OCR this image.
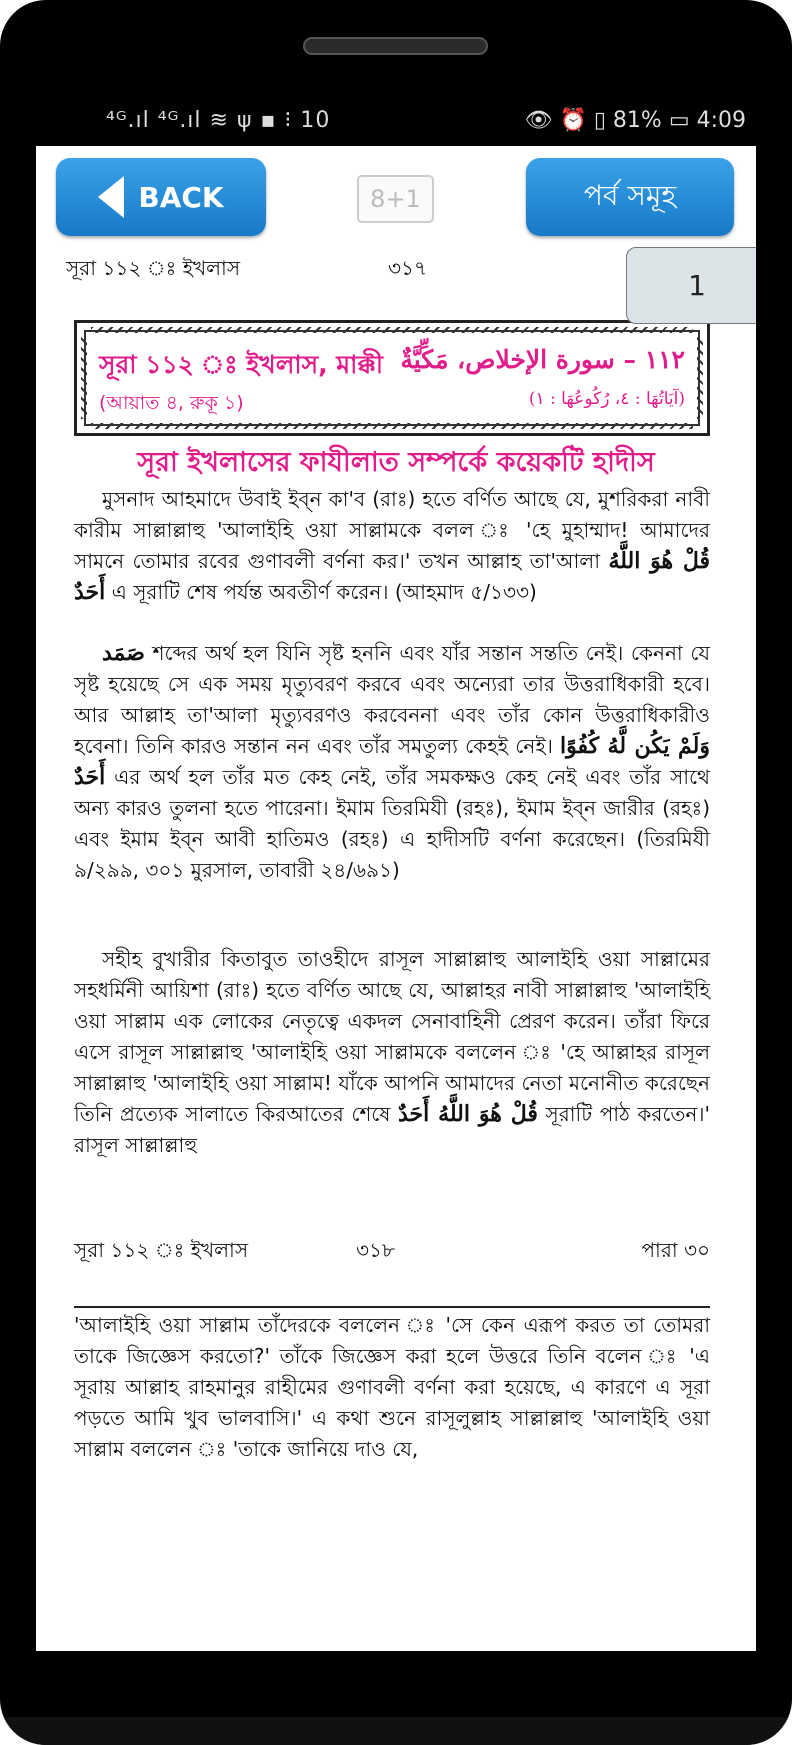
⁴ᴳ.ıl ⁴ᴳ.ıl ≋ ψ ▪ ⁝ 10	👁 ⏰ ▯ 81% ▭ 4:09
BACK	8+1	পর্ব সমূহ
সূরা ১১২ ঃ ইখলাস	৩১৭
সূরা ১১২ ঃ ইখলাস, মাক্কী ١١٢ – سورة الإخلاص، مَكِّيَّةٌ
(আয়াত ৪, রুকূ ১)	(آيَاتُهَا : ٤، رُكُوعُهَا : ١)
সূরা ইখলাসের ফাযীলাত সম্পর্কে কয়েকটি হাদীস
মুসনাদ আহমাদে উবাই ইব্ন কা'ব (রাঃ) হতে বর্ণিত আছে যে, মুশরিকরা নাবী কারীম সাল্লাল্লাহু 'আলাইহি ওয়া সাল্লামকে বলল ঃ 'হে মুহাম্মাদ! আমাদের সামনে তোমার রবের গুণাবলী বর্ণনা কর।' তখন আল্লাহ তা'আলা قُلْ هُوَ اللَّهُ أَحَدٌ এ সূরাটি শেষ পর্যন্ত অবতীর্ণ করেন। (আহমাদ ৫/১৩৩)
صَمَد শব্দের অর্থ হল যিনি সৃষ্ট হননি এবং যাঁর সন্তান সন্ততি নেই। কেননা যে সৃষ্ট হয়েছে সে এক সময় মৃত্যুবরণ করবে এবং অন্যেরা তার উত্তরাধিকারী হবে। আর আল্লাহ তা'আলা মৃত্যুবরণও করবেননা এবং তাঁর কোন উত্তরাধিকারীও হবেনা। তিনি কারও সন্তান নন এবং তাঁর সমতুল্য কেহই নেই। وَلَمْ يَكُن لَّهُ كُفُوًا أَحَدٌ এর অর্থ হল তাঁর মত কেহ নেই, তাঁর সমকক্ষও কেহ নেই এবং তাঁর সাথে অন্য কারও তুলনা হতে পারেনা। ইমাম তিরমিযী (রহঃ), ইমাম ইব্ন জারীর (রহঃ) এবং ইমাম ইব্ন আবী হাতিমও (রহঃ) এ হাদীসটি বর্ণনা করেছেন। (তিরমিযী ৯/২৯৯, ৩০১ মুরসাল, তাবারী ২৪/৬৯১)
সহীহ বুখারীর কিতাবুত তাওহীদে রাসূল সাল্লাল্লাহু আলাইহি ওয়া সাল্লামের সহধর্মিনী আয়িশা (রাঃ) হতে বর্ণিত আছে যে, আল্লাহর নাবী সাল্লাল্লাহু 'আলাইহি ওয়া সাল্লাম এক লোকের নেতৃত্বে একদল সেনাবাহিনী প্রেরণ করেন। তাঁরা ফিরে এসে রাসূল সাল্লাল্লাহু 'আলাইহি ওয়া সাল্লামকে বললেন ঃ 'হে আল্লাহর রাসূল সাল্লাল্লাহু 'আলাইহি ওয়া সাল্লাম! যাঁকে আপনি আমাদের নেতা মনোনীত করেছেন তিনি প্রত্যেক সালাতে কিরআতের শেষে قُلْ هُوَ اللَّهُ أَحَدٌ সূরাটি পাঠ করতেন।' রাসূল সাল্লাল্লাহু
সূরা ১১২ ঃ ইখলাস	৩১৮	পারা ৩০
'আলাইহি ওয়া সাল্লাম তাঁদেরকে বললেন ঃ 'সে কেন এরূপ করত তা তোমরা তাকে জিজ্ঞেস করতো?' তাঁকে জিজ্ঞেস করা হলে উত্তরে তিনি বলেন ঃ 'এ সূরায় আল্লাহ রাহমানুর রাহীমের গুণাবলী বর্ণনা করা হয়েছে, এ কারণে এ সূরা পড়তে আমি খুব ভালবাসি।' এ কথা শুনে রাসূলুল্লাহ সাল্লাল্লাহু 'আলাইহি ওয়া সাল্লাম বললেন ঃ 'তাকে জানিয়ে দাও যে,
1
